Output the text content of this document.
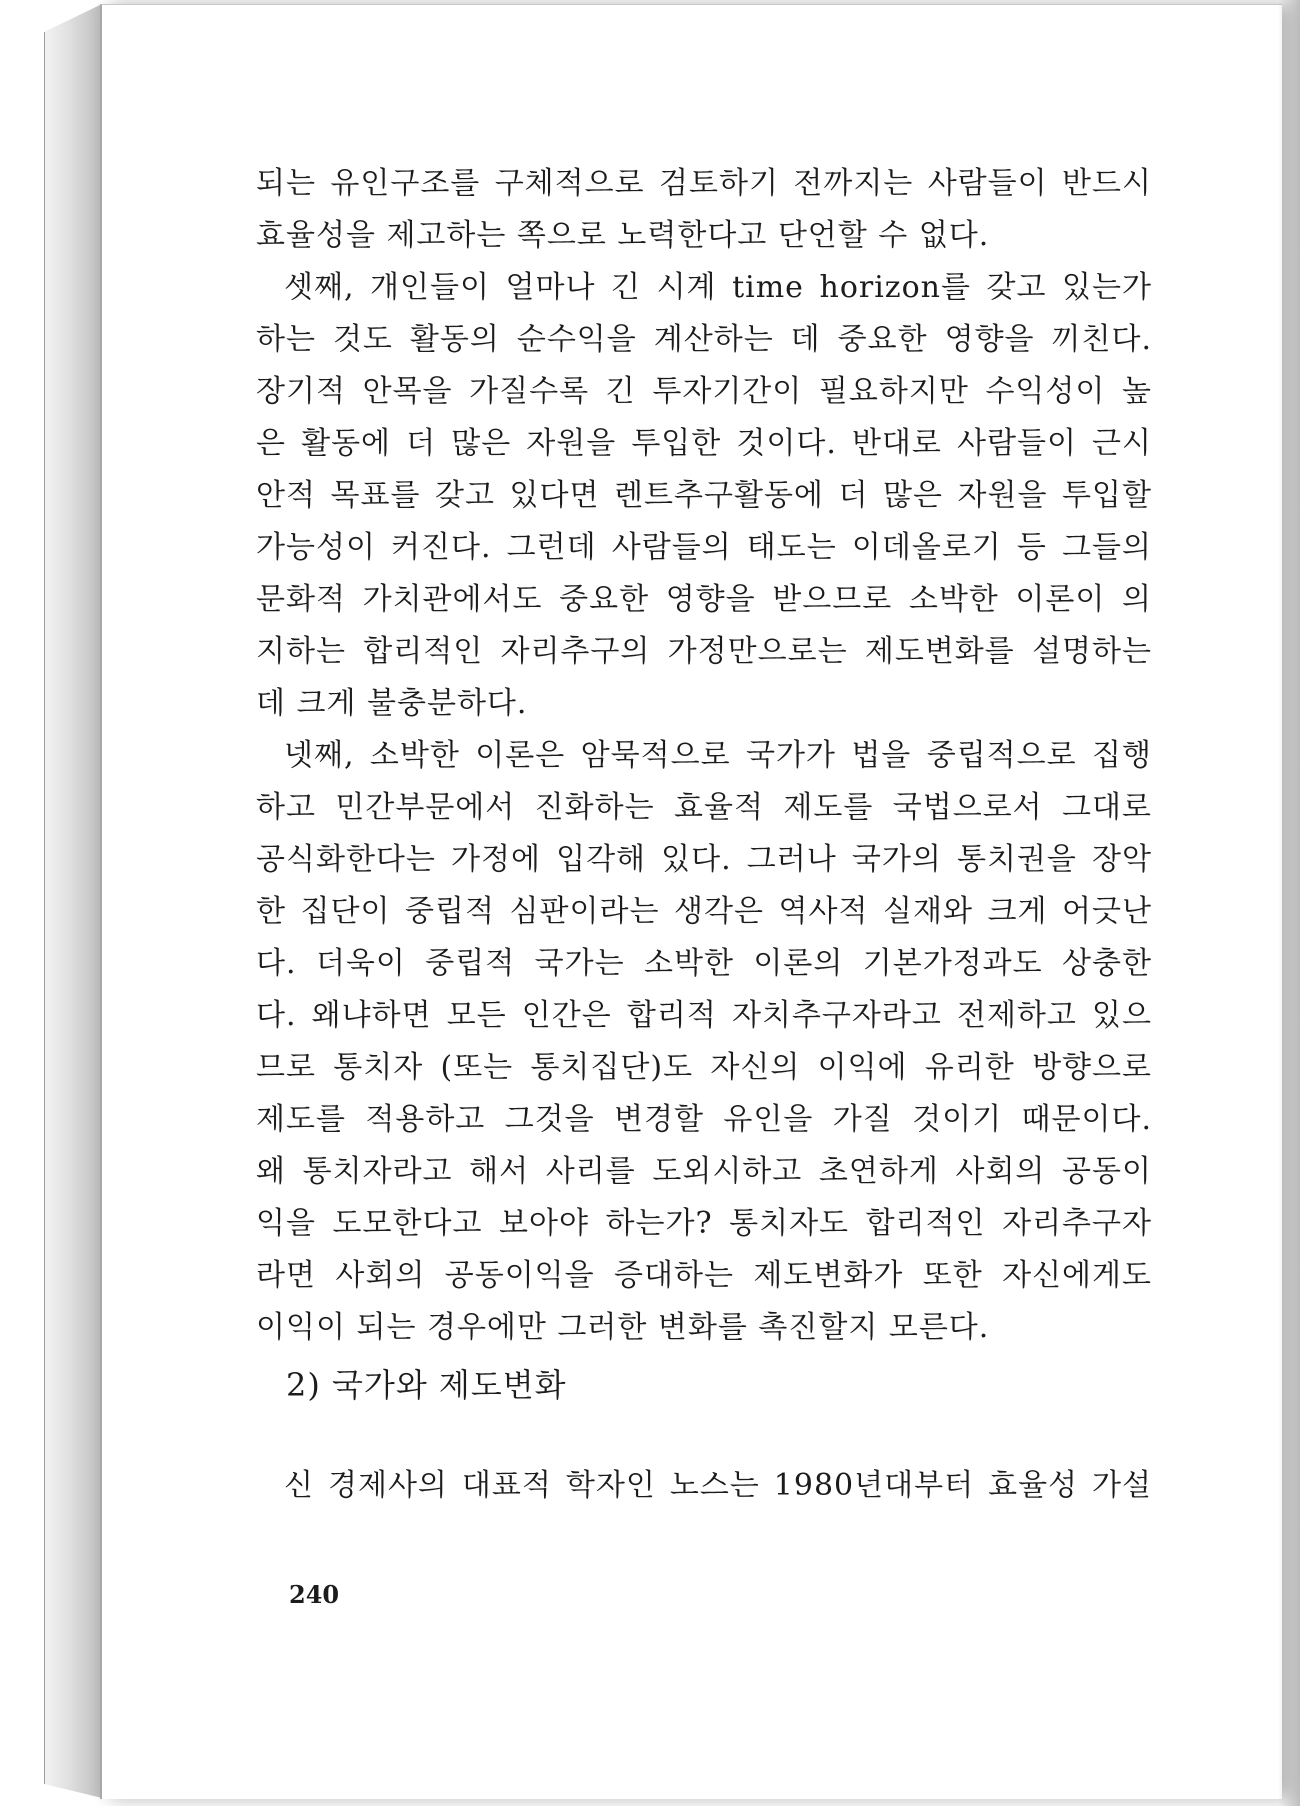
되는 유인구조를 구체적으로 검토하기 전까지는 사람들이 반드시
효율성을 제고하는 쪽으로 노력한다고 단언할 수 없다.
셋째, 개인들이 얼마나 긴 시계 time horizon를 갖고 있는가
하는 것도 활동의 순수익을 계산하는 데 중요한 영향을 끼친다.
장기적 안목을 가질수록 긴 투자기간이 필요하지만 수익성이 높
은 활동에 더 많은 자원을 투입한 것이다. 반대로 사람들이 근시
안적 목표를 갖고 있다면 렌트추구활동에 더 많은 자원을 투입할
가능성이 커진다. 그런데 사람들의 태도는 이데올로기 등 그들의
문화적 가치관에서도 중요한 영향을 받으므로 소박한 이론이 의
지하는 합리적인 자리추구의 가정만으로는 제도변화를 설명하는
데 크게 불충분하다.
넷째, 소박한 이론은 암묵적으로 국가가 법을 중립적으로 집행
하고 민간부문에서 진화하는 효율적 제도를 국법으로서 그대로
공식화한다는 가정에 입각해 있다. 그러나 국가의 통치권을 장악
한 집단이 중립적 심판이라는 생각은 역사적 실재와 크게 어긋난
다. 더욱이 중립적 국가는 소박한 이론의 기본가정과도 상충한
다. 왜냐하면 모든 인간은 합리적 자치추구자라고 전제하고 있으
므로 통치자 (또는 통치집단)도 자신의 이익에 유리한 방향으로
제도를 적용하고 그것을 변경할 유인을 가질 것이기 때문이다.
왜 통치자라고 해서 사리를 도외시하고 초연하게 사회의 공동이
익을 도모한다고 보아야 하는가? 통치자도 합리적인 자리추구자
라면 사회의 공동이익을 증대하는 제도변화가 또한 자신에게도
이익이 되는 경우에만 그러한 변화를 촉진할지 모른다.
2) 국가와 제도변화
신 경제사의 대표적 학자인 노스는 1980년대부터 효율성 가설
240
